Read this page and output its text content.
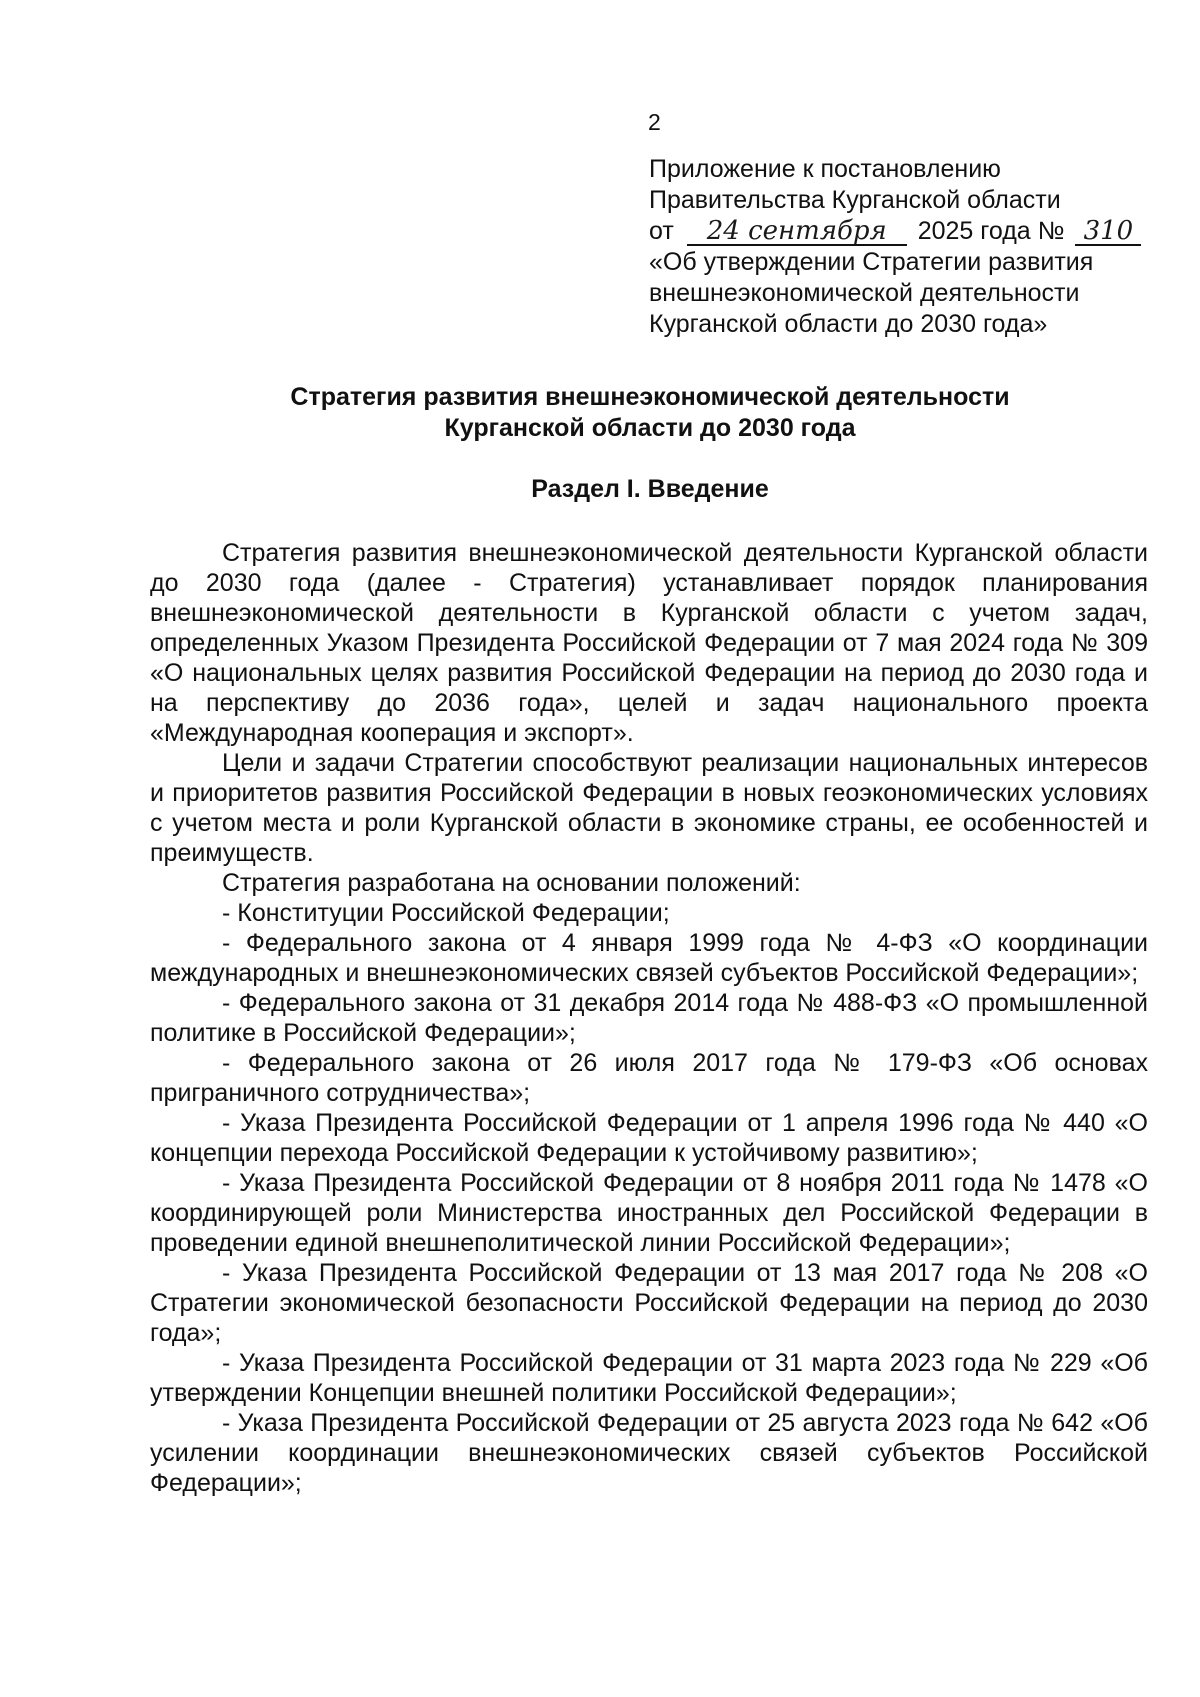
2
Приложение к постановлению
Правительства Курганской области
от 24 сентября 2025 года № 310
«Об утверждении Стратегии развития
внешнеэкономической деятельности
Курганской области до 2030 года»
Стратегия развития внешнеэкономической деятельности
Курганской области до 2030 года
Раздел I. Введение

Стратегия развития внешнеэкономической деятельности Курганской области до 2030 года (далее - Стратегия) устанавливает порядок планирования внешнеэкономической деятельности в Курганской области с учетом задач, определенных Указом Президента Российской Федерации от 7 мая 2024 года № 309 «О национальных целях развития Российской Федерации на период до 2030 года и на перспективу до 2036 года», целей и задач национального проекта «Международная кооперация и экспорт».

Цели и задачи Стратегии способствуют реализации национальных интересов и приоритетов развития Российской Федерации в новых геоэкономических условиях с учетом места и роли Курганской области в экономике страны, ее особенностей и преимуществ.

Стратегия разработана на основании положений:

- Конституции Российской Федерации;

- Федерального закона от 4 января 1999 года № 4-ФЗ «О координации международных и внешнеэкономических связей субъектов Российской Федерации»;

- Федерального закона от 31 декабря 2014 года № 488-ФЗ «О промышленной политике в Российской Федерации»;

- Федерального закона от 26 июля 2017 года № 179-ФЗ «Об основах приграничного сотрудничества»;

- Указа Президента Российской Федерации от 1 апреля 1996 года № 440 «О концепции перехода Российской Федерации к устойчивому развитию»;

- Указа Президента Российской Федерации от 8 ноября 2011 года № 1478 «О координирующей роли Министерства иностранных дел Российской Федерации в проведении единой внешнеполитической линии Российской Федерации»;

- Указа Президента Российской Федерации от 13 мая 2017 года № 208 «О Стратегии экономической безопасности Российской Федерации на период до 2030 года»;

- Указа Президента Российской Федерации от 31 марта 2023 года № 229 «Об утверждении Концепции внешней политики Российской Федерации»;

- Указа Президента Российской Федерации от 25 августа 2023 года № 642 «Об усилении координации внешнеэкономических связей субъектов Российской Федерации»;
